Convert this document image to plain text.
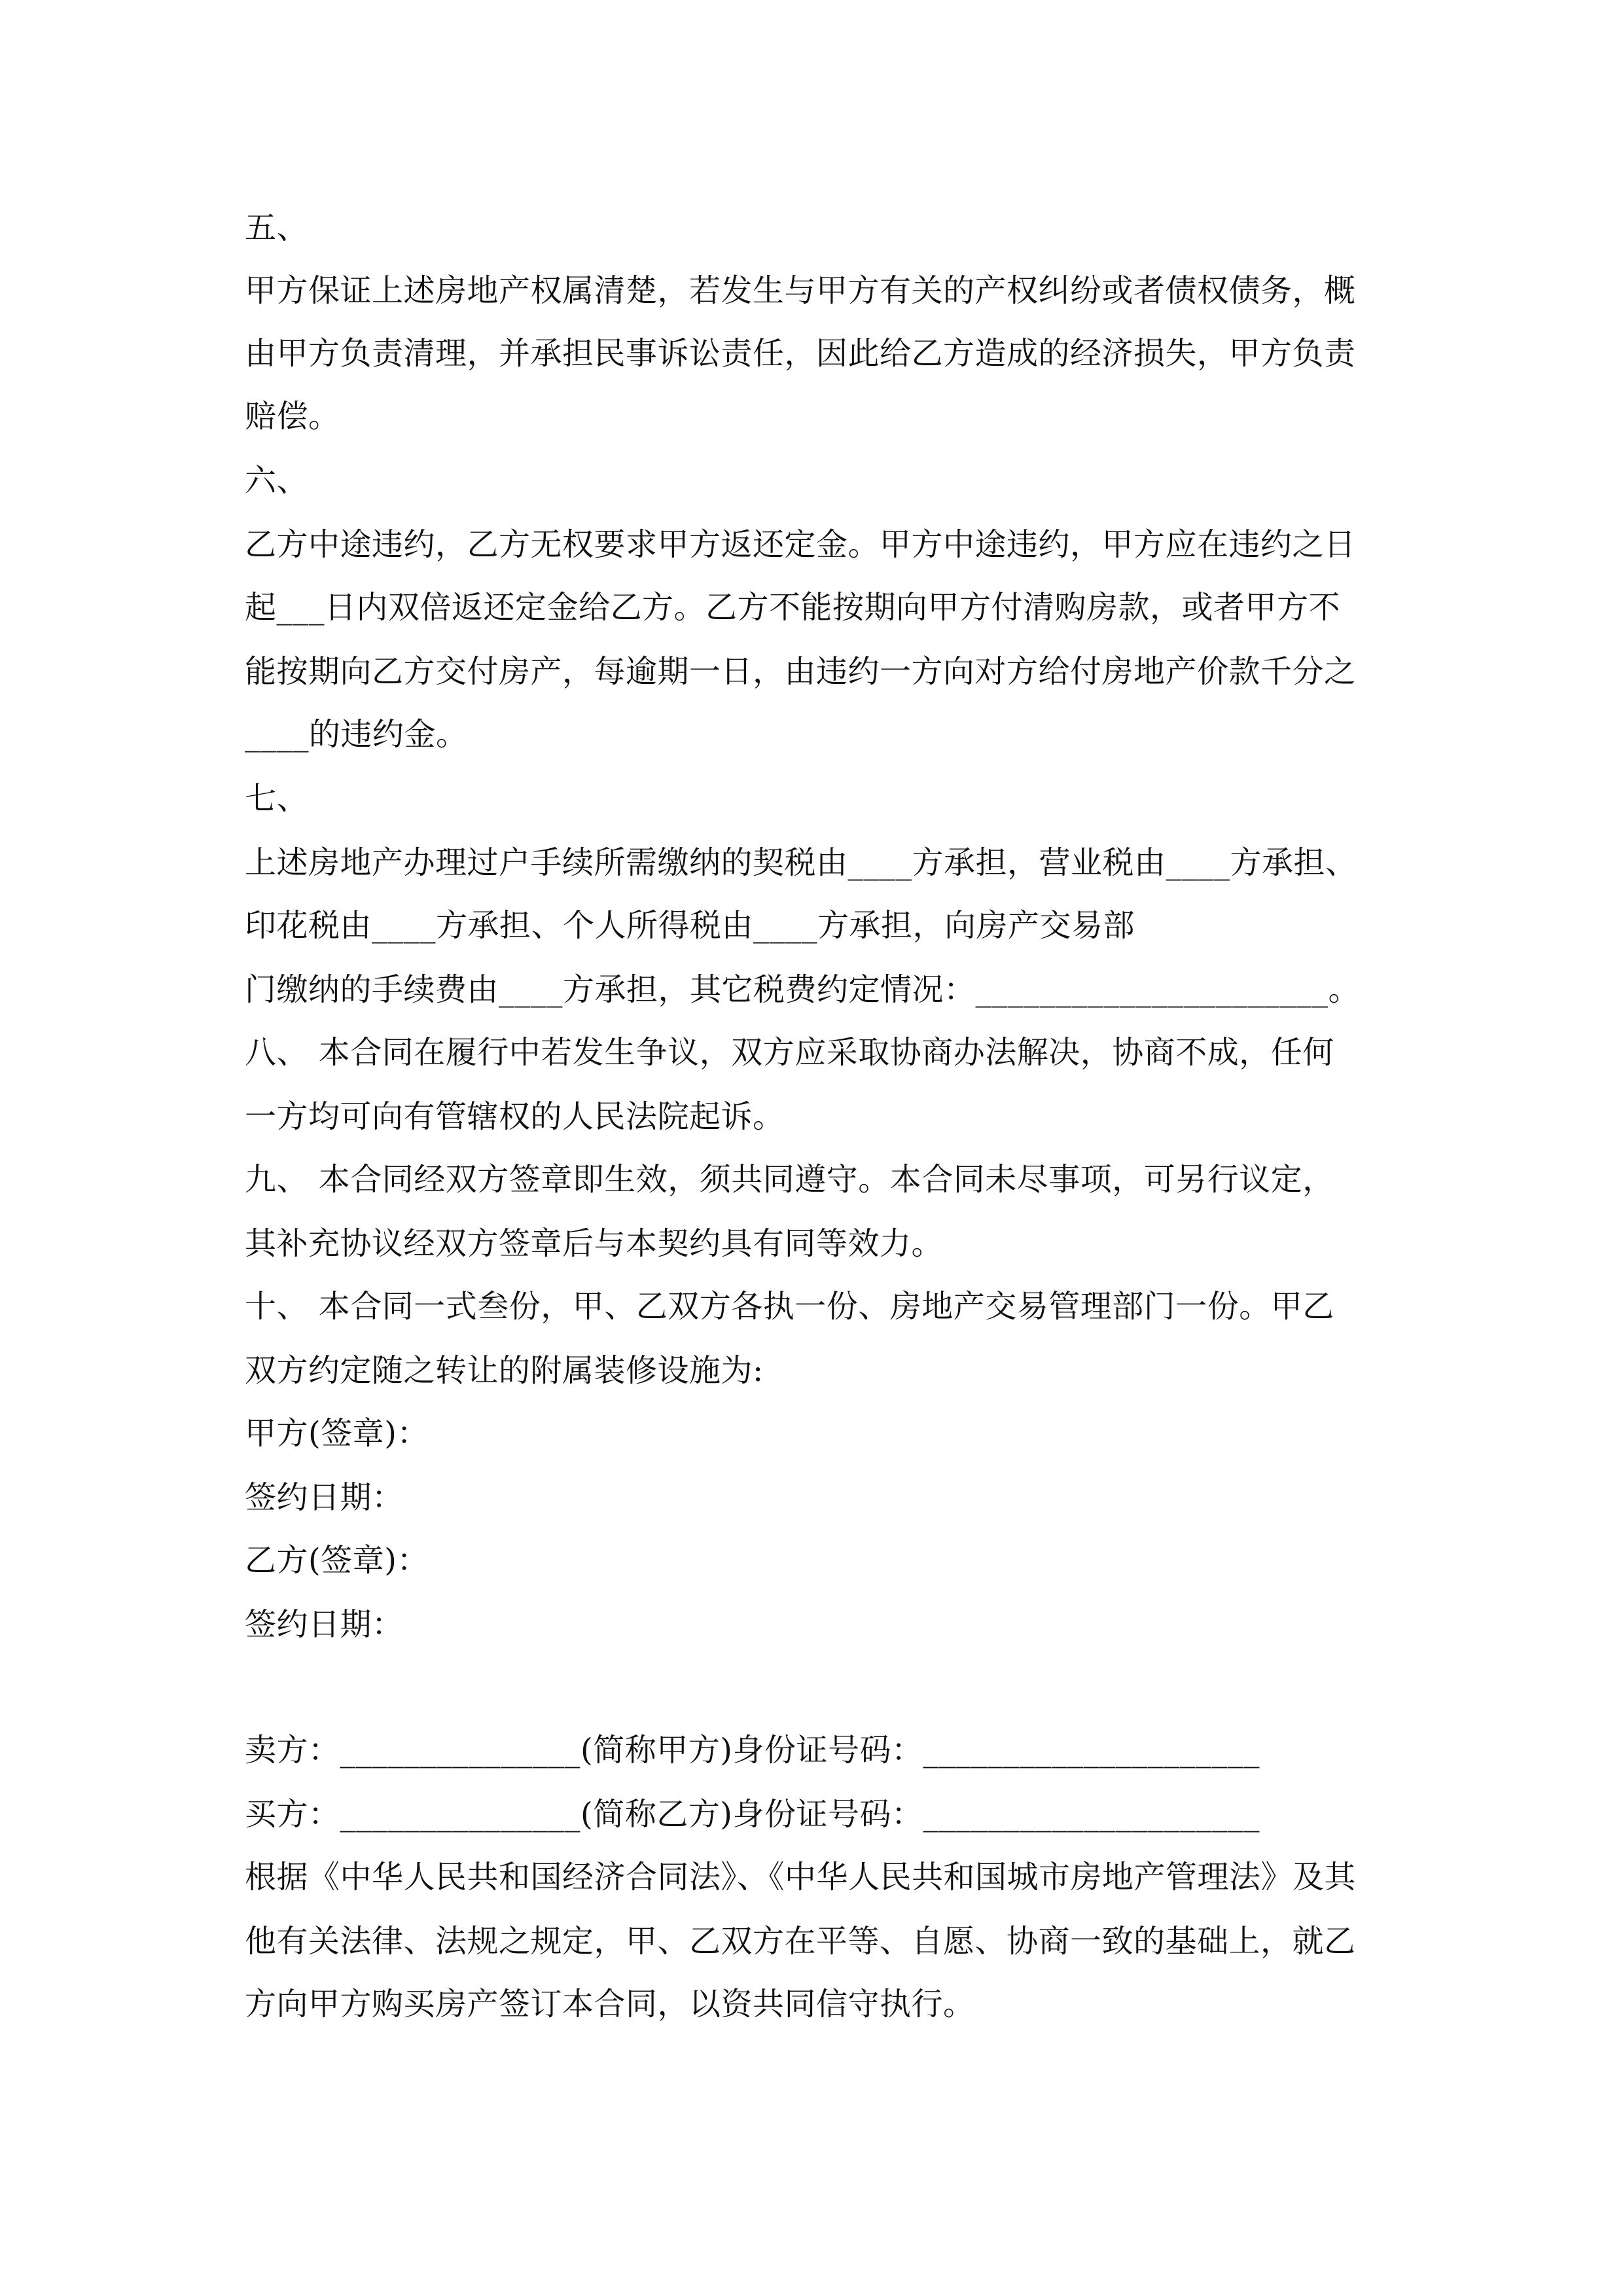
五、
甲方保证上述房地产权属清楚，若发生与甲方有关的产权纠纷或者债权债务，概
由甲方负责清理，并承担民事诉讼责任，因此给乙方造成的经济损失，甲方负责
赔偿。
六、
乙方中途违约，乙方无权要求甲方返还定金。甲方中途违约，甲方应在违约之日
起___日内双倍返还定金给乙方。乙方不能按期向甲方付清购房款，或者甲方不
能按期向乙方交付房产，每逾期一日，由违约一方向对方给付房地产价款千分之
____的违约金。
七、
上述房地产办理过户手续所需缴纳的契税由____方承担，营业税由____方承担、
印花税由____方承担、个人所得税由____方承担，向房产交易部
门缴纳的手续费由____方承担，其它税费约定情况：______________________。
八、 本合同在履行中若发生争议，双方应采取协商办法解决，协商不成，任何
一方均可向有管辖权的人民法院起诉。
九、 本合同经双方签章即生效，须共同遵守。本合同未尽事项，可另行议定，
其补充协议经双方签章后与本契约具有同等效力。
十、 本合同一式叁份，甲、乙双方各执一份、房地产交易管理部门一份。甲乙
双方约定随之转让的附属装修设施为:
甲方(签章)：
签约日期：
乙方(签章)：
签约日期：
卖方：_______________(简称甲方)身份证号码：_____________________
买方：_______________(简称乙方)身份证号码：_____________________
根据《中华人民共和国经济合同法》、《中华人民共和国城市房地产管理法》及其
他有关法律、法规之规定，甲、乙双方在平等、自愿、协商一致的基础上，就乙
方向甲方购买房产签订本合同，以资共同信守执行。
